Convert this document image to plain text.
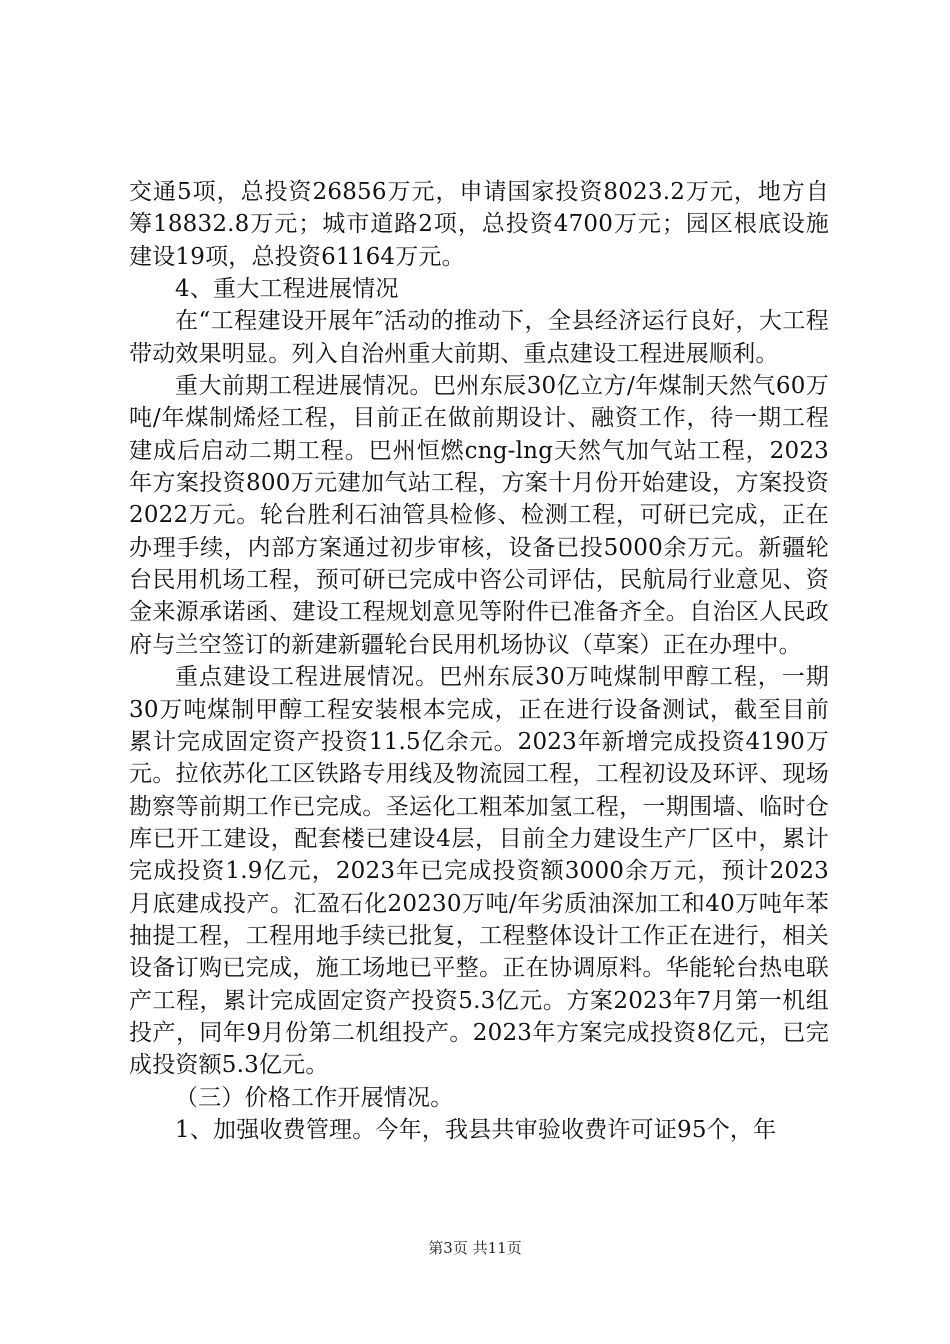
交通5项，总投资26856万元，申请国家投资8023.2万元，地方自筹18832.8万元；城市道路2项，总投资4700万元；园区根底设施建设19项，总投资61164万元。

4、重大工程进展情况

在“工程建设开展年″活动的推动下，全县经济运行良好，大工程带动效果明显。列入自治州重大前期、重点建设工程进展顺利。

重大前期工程进展情况。巴州东辰30亿立方/年煤制天然气60万吨/年煤制烯烃工程，目前正在做前期设计、融资工作，待一期工程建成后启动二期工程。巴州恒燃cng-lng天然气加气站工程，2023年方案投资800万元建加气站工程，方案十月份开始建设，方案投资2022万元。轮台胜利石油管具检修、检测工程，可研已完成，正在办理手续，内部方案通过初步审核，设备已投5000余万元。新疆轮台民用机场工程，预可研已完成中咨公司评估，民航局行业意见、资金来源承诺函、建设工程规划意见等附件已准备齐全。自治区人民政府与兰空签订的新建新疆轮台民用机场协议（草案）正在办理中。

重点建设工程进展情况。巴州东辰30万吨煤制甲醇工程，一期30万吨煤制甲醇工程安装根本完成，正在进行设备测试，截至目前累计完成固定资产投资11.5亿余元。2023年新增完成投资4190万元。拉依苏化工区铁路专用线及物流园工程，工程初设及环评、现场勘察等前期工作已完成。圣运化工粗苯加氢工程，一期围墙、临时仓库已开工建设，配套楼已建设4层，目前全力建设生产厂区中，累计完成投资1.9亿元，2023年已完成投资额3000余万元，预计2023月底建成投产。汇盈石化20230万吨/年劣质油深加工和40万吨年苯抽提工程，工程用地手续已批复，工程整体设计工作正在进行，相关设备订购已完成，施工场地已平整。正在协调原料。华能轮台热电联产工程，累计完成固定资产投资5.3亿元。方案2023年7月第一机组投产，同年9月份第二机组投产。2023年方案完成投资8亿元，已完成投资额5.3亿元。

（三）价格工作开展情况。

1、加强收费管理。今年，我县共审验收费许可证95个，年

第3页 共11页
